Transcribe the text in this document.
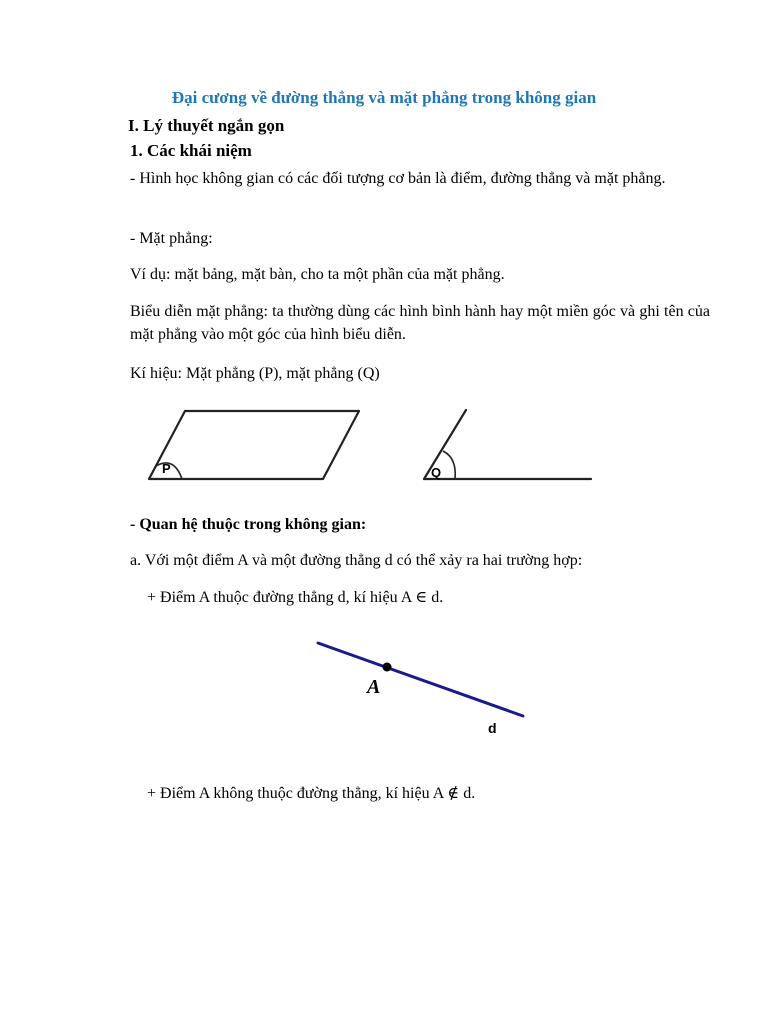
Đại cương về đường thẳng và mặt phẳng trong không gian
I. Lý thuyết ngắn gọn
1. Các khái niệm
- Hình học không gian có các đối tượng cơ bản là điểm, đường thẳng và mặt phẳng.
- Mặt phẳng:
Ví dụ: mặt bảng, mặt bàn, cho ta một phần của mặt phẳng.
Biểu diễn mặt phẳng: ta thường dùng các hình bình hành hay một miền góc và ghi tên của mặt phẳng vào một góc của hình biểu diễn.
Kí hiệu: Mặt phẳng (P), mặt phẳng (Q)
P	Q
- Quan hệ thuộc trong không gian:
a. Với một điểm A và một đường thẳng d có thể xảy ra hai trường hợp:
+ Điểm A thuộc đường thẳng d, kí hiệu A ∈ d.
A
d
+ Điểm A không thuộc đường thẳng, kí hiệu A ∉ d.
